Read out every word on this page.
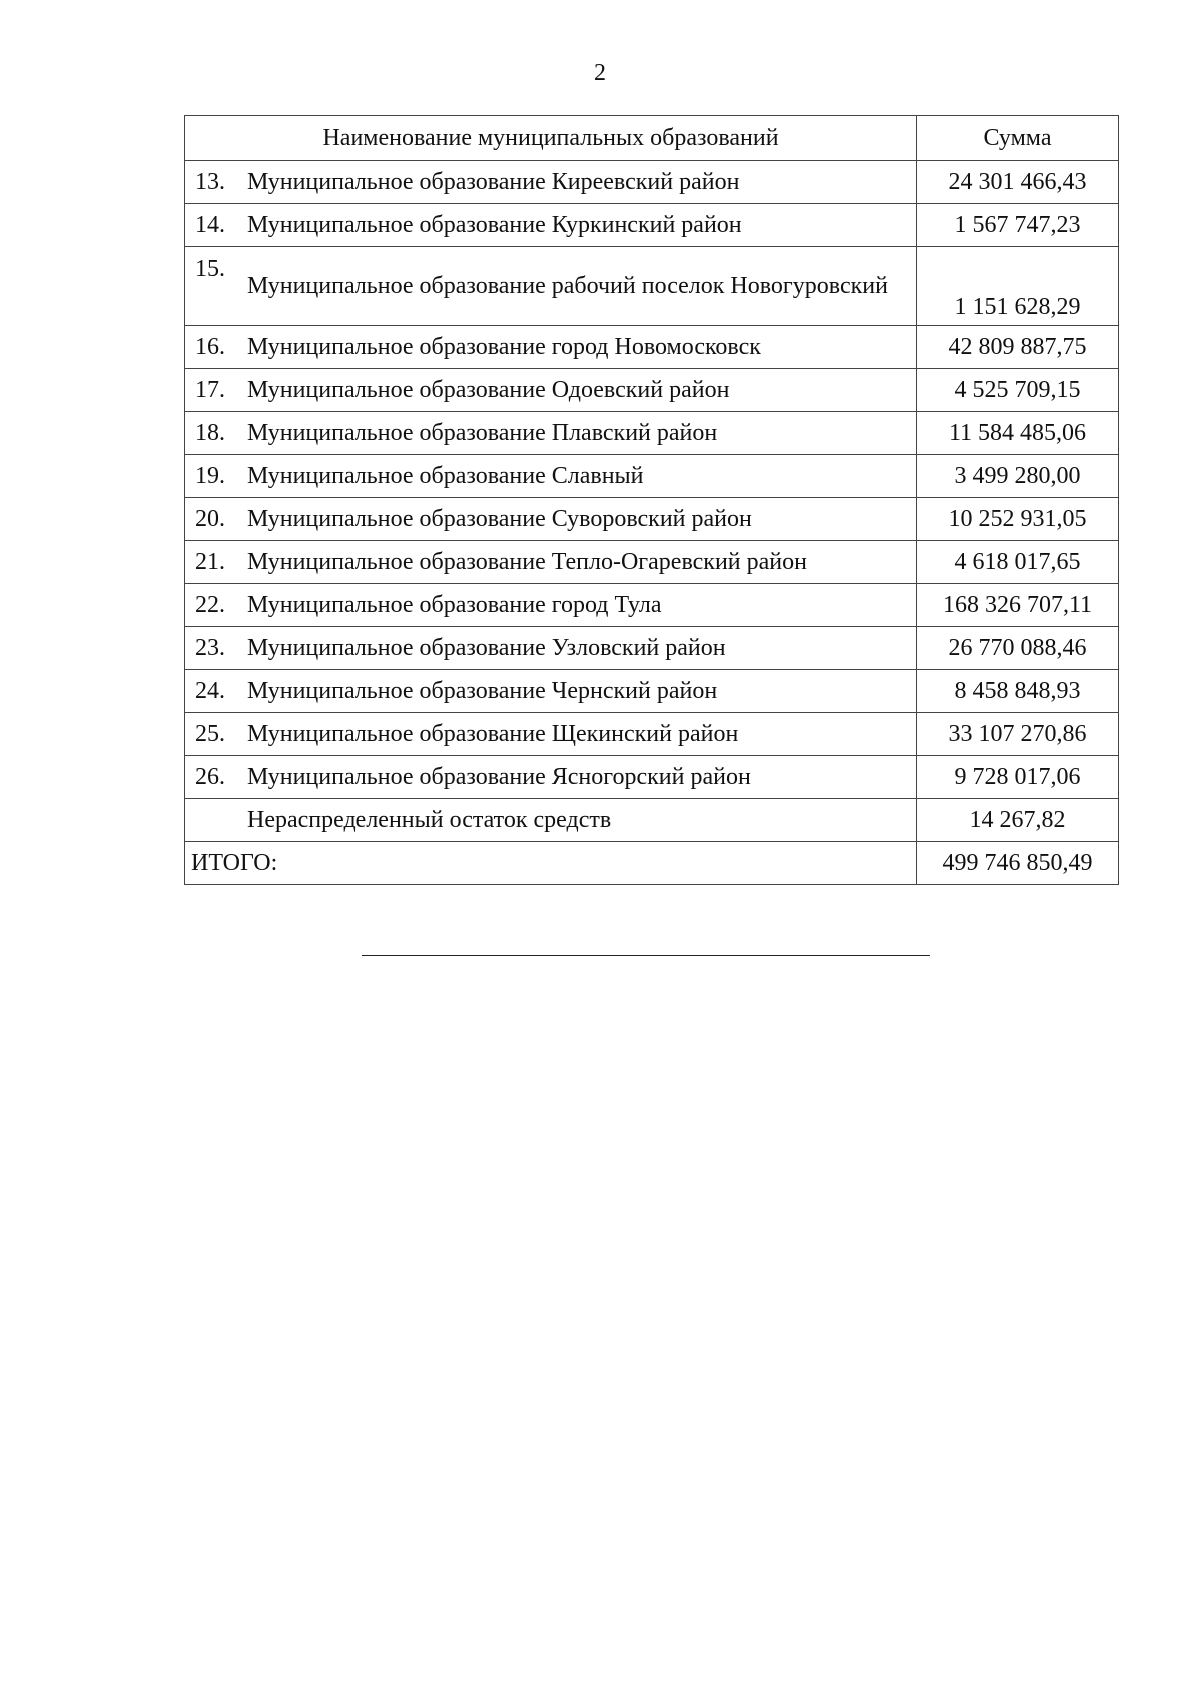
2
Наименование муниципальных образований	Сумма

13. Муниципальное образование Киреевский район	24 301 466,43

14. Муниципальное образование Куркинский район	1 567 747,23

15.
Муниципальное образование рабочий поселок Новогуровский	1 151 628,29

16. Муниципальное образование город Новомосковск	42 809 887,75

17. Муниципальное образование Одоевский район	4 525 709,15

18. Муниципальное образование Плавский район	11 584 485,06

19. Муниципальное образование Славный	3 499 280,00

20. Муниципальное образование Суворовский район	10 252 931,05

21. Муниципальное образование Тепло-Огаревский район	4 618 017,65

22. Муниципальное образование город Тула	168 326 707,11

23. Муниципальное образование Узловский район	26 770 088,46

24. Муниципальное образование Чернский район	8 458 848,93

25. Муниципальное образование Щекинский район	33 107 270,86

26. Муниципальное образование Ясногорский район	9 728 017,06

Нераспределенный остаток средств	14 267,82
ИТОГО:	499 746 850,49
